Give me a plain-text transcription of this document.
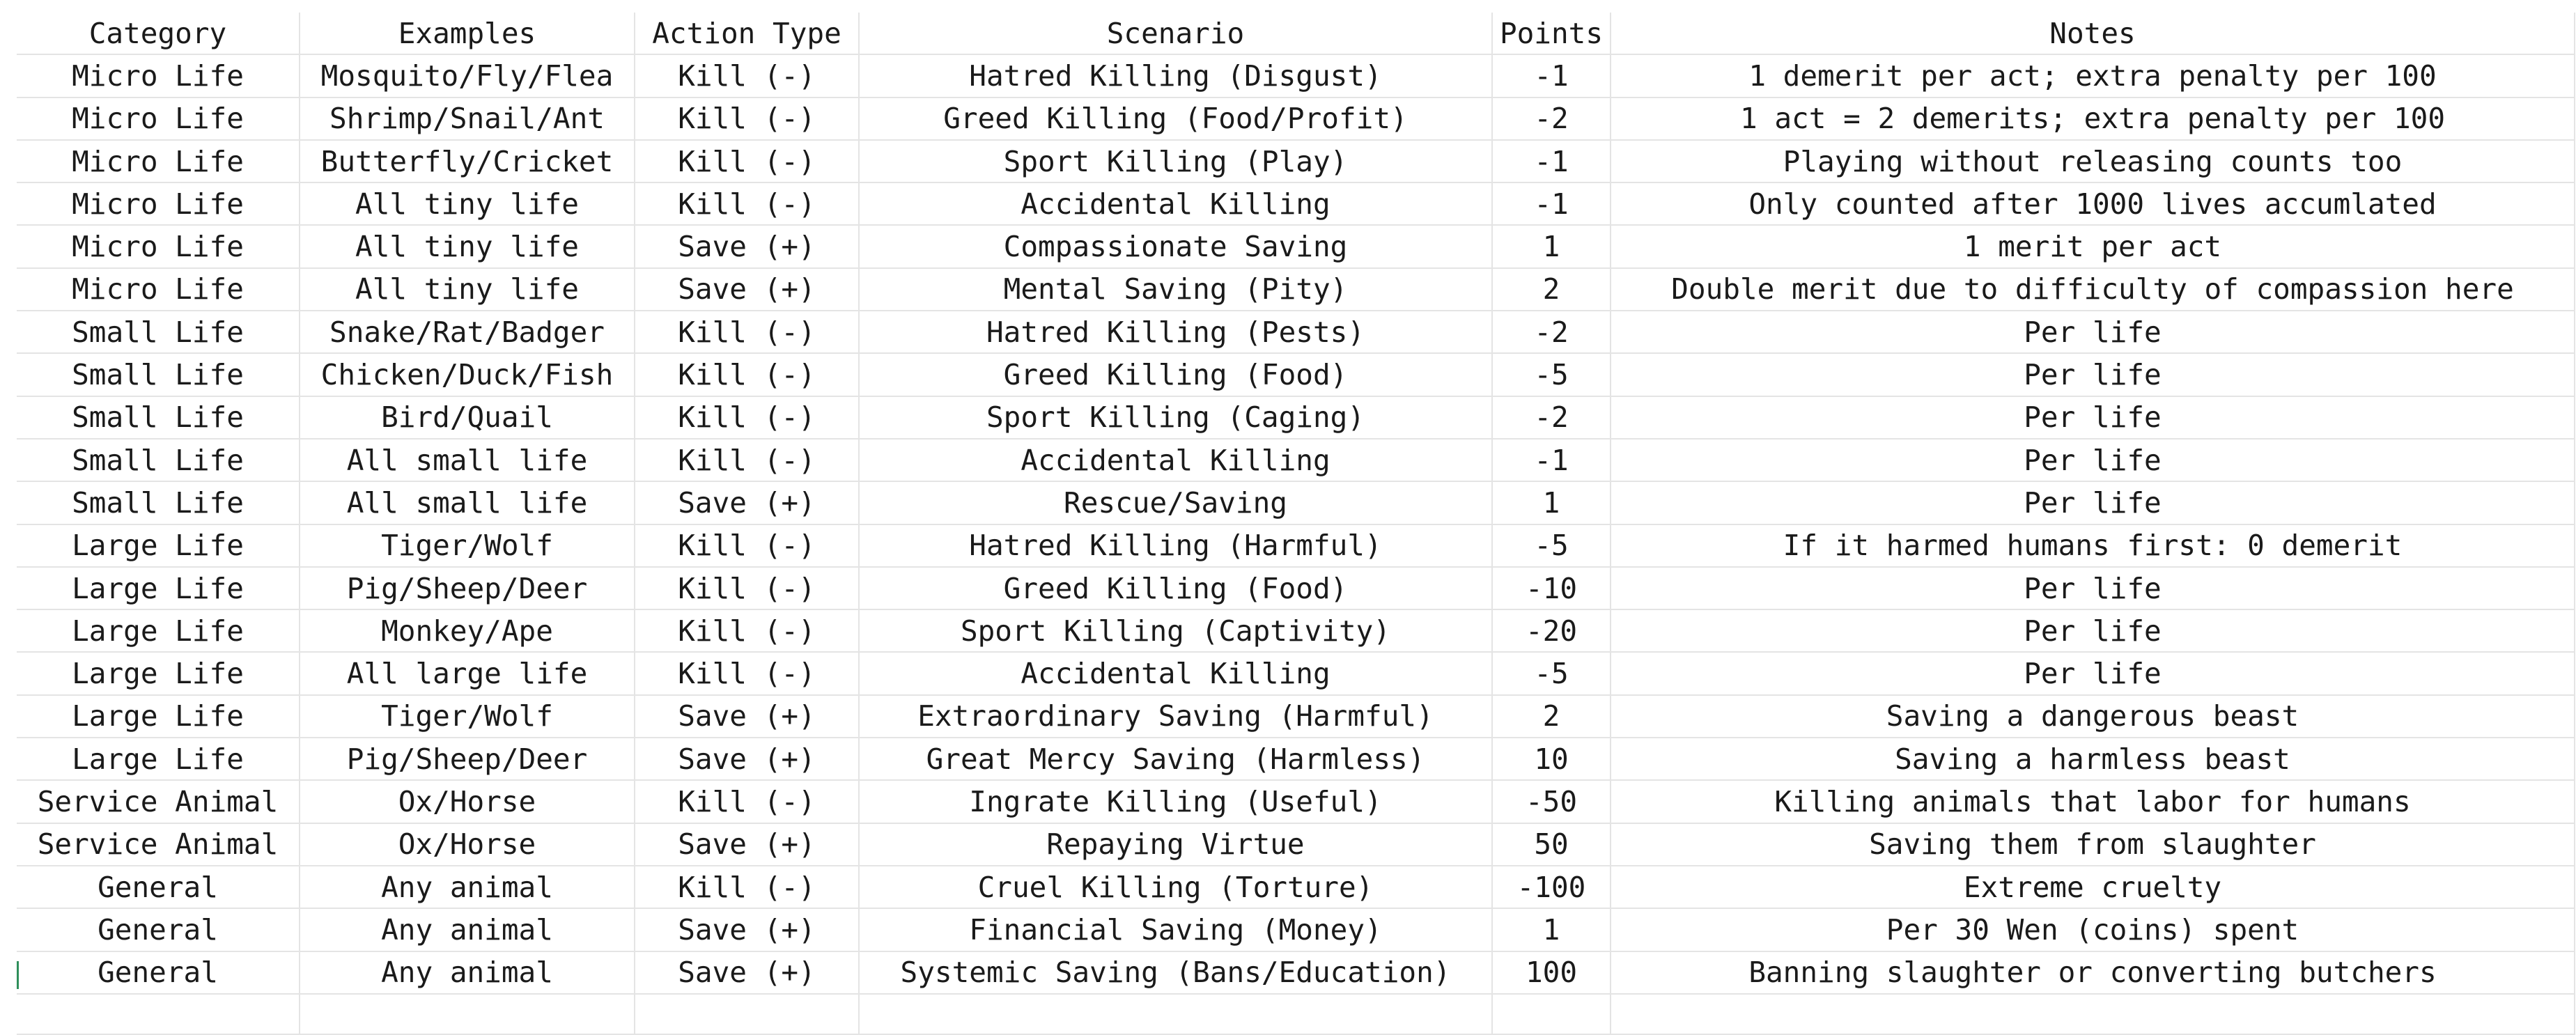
Category	Examples	Action Type	Scenario	Points	Notes
Micro Life	Mosquito/Fly/Flea	Kill (-)	Hatred Killing (Disgust)	-1	1 demerit per act; extra penalty per 100
Micro Life	Shrimp/Snail/Ant	Kill (-)	Greed Killing (Food/Profit)	-2	1 act = 2 demerits; extra penalty per 100
Micro Life	Butterfly/Cricket	Kill (-)	Sport Killing (Play)	-1	Playing without releasing counts too
Micro Life	All tiny life	Kill (-)	Accidental Killing	-1	Only counted after 1000 lives accumlated
Micro Life	All tiny life	Save (+)	Compassionate Saving	1	1 merit per act
Micro Life	All tiny life	Save (+)	Mental Saving (Pity)	2	Double merit due to difficulty of compassion here
Small Life	Snake/Rat/Badger	Kill (-)	Hatred Killing (Pests)	-2	Per life
Small Life	Chicken/Duck/Fish	Kill (-)	Greed Killing (Food)	-5	Per life
Small Life	Bird/Quail	Kill (-)	Sport Killing (Caging)	-2	Per life
Small Life	All small life	Kill (-)	Accidental Killing	-1	Per life
Small Life	All small life	Save (+)	Rescue/Saving	1	Per life
Large Life	Tiger/Wolf	Kill (-)	Hatred Killing (Harmful)	-5	If it harmed humans first: 0 demerit
Large Life	Pig/Sheep/Deer	Kill (-)	Greed Killing (Food)	-10	Per life
Large Life	Monkey/Ape	Kill (-)	Sport Killing (Captivity)	-20	Per life
Large Life	All large life	Kill (-)	Accidental Killing	-5	Per life
Large Life	Tiger/Wolf	Save (+)	Extraordinary Saving (Harmful)	2	Saving a dangerous beast
Large Life	Pig/Sheep/Deer	Save (+)	Great Mercy Saving (Harmless)	10	Saving a harmless beast
Service Animal	Ox/Horse	Kill (-)	Ingrate Killing (Useful)	-50	Killing animals that labor for humans
Service Animal	Ox/Horse	Save (+)	Repaying Virtue	50	Saving them from slaughter
General	Any animal	Kill (-)	Cruel Killing (Torture)	-100	Extreme cruelty
General	Any animal	Save (+)	Financial Saving (Money)	1	Per 30 Wen (coins) spent
General	Any animal	Save (+)	Systemic Saving (Bans/Education)	100	Banning slaughter or converting butchers
